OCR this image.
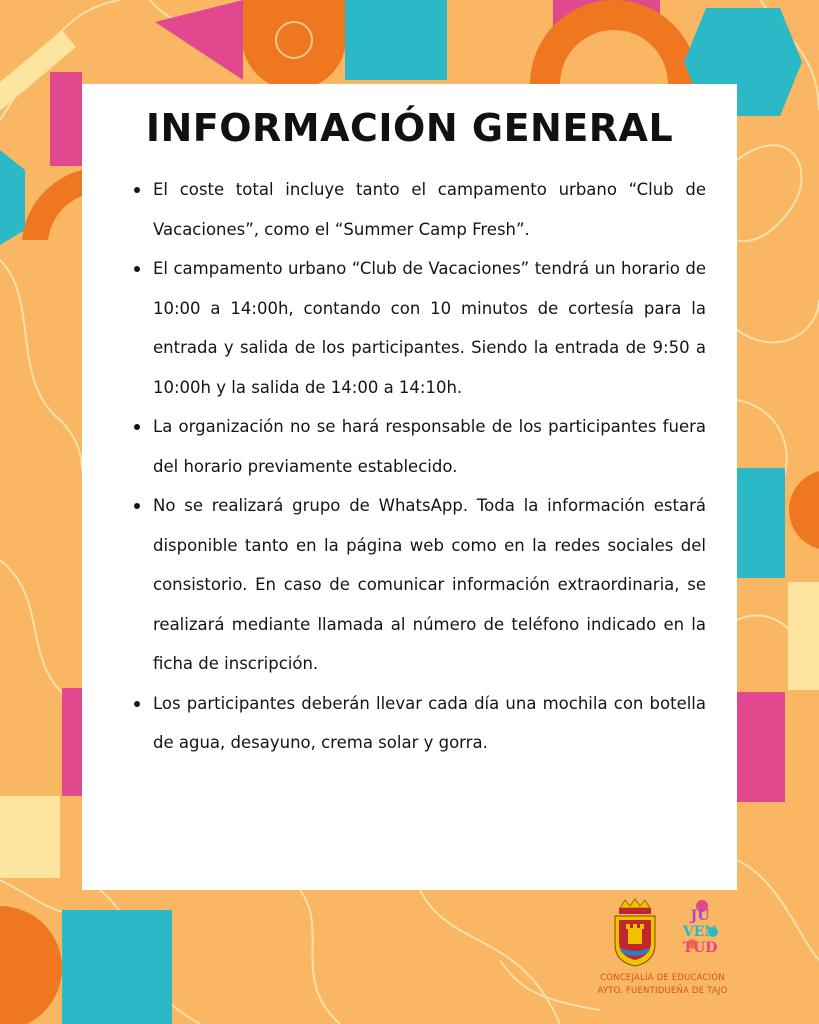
INFORMACIÓN GENERAL
El coste total incluye tanto el campamento urbano “Club de Vacaciones”, como el “Summer Camp Fresh”.
El campamento urbano “Club de Vacaciones” tendrá un horario de 10:00 a 14:00h, contando con 10 minutos de cortesía para la entrada y salida de los participantes. Siendo la entrada de 9:50 a 10:00h y la salida de 14:00 a 14:10h.
La organización no se hará responsable de los participantes fuera del horario previamente establecido.
No se realizará grupo de WhatsApp. Toda la información estará disponible tanto en la página web como en la redes sociales del consistorio. En caso de comunicar información extraordinaria, se realizará mediante llamada al número de teléfono indicado en la ficha de inscripción.
Los participantes deberán llevar cada día una mochila con botella de agua, desayuno, crema solar y gorra.
JU
VEN
TUD
CONCEJALÍA DE EDUCACIÓN
AYTO. FUENTIDUEÑA DE TAJO
